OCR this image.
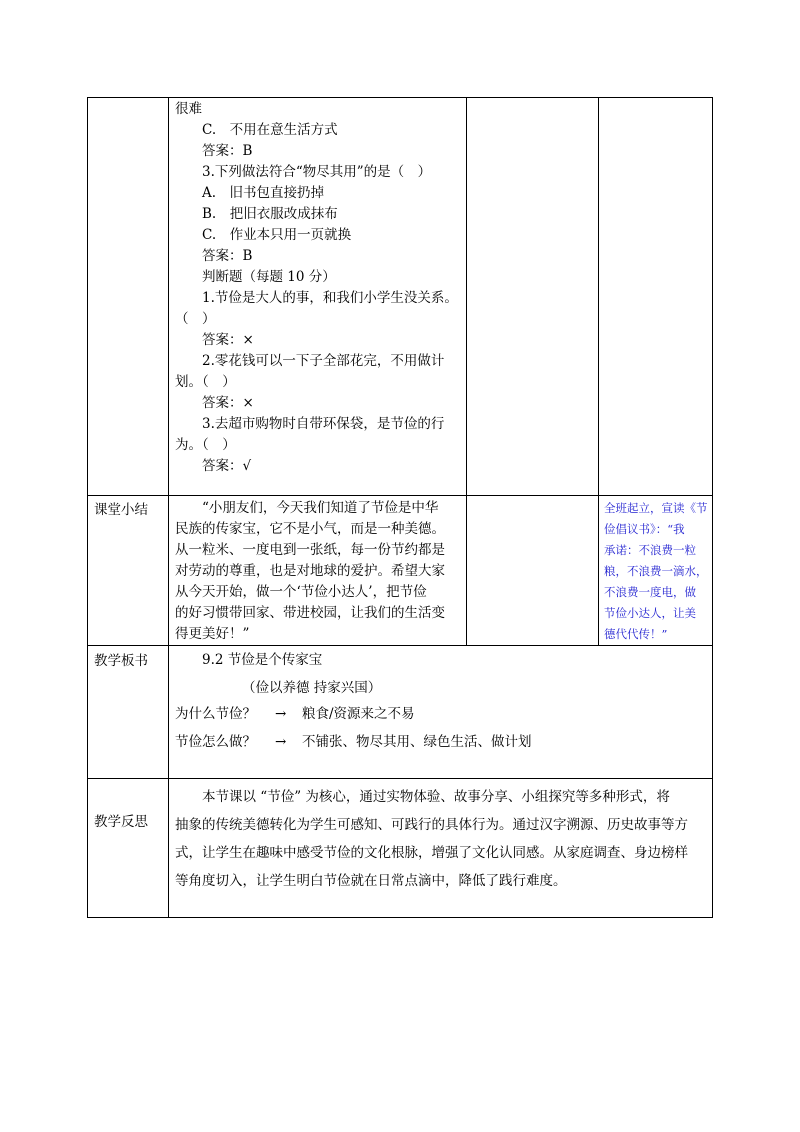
很难
C.　不用在意生活方式
答案：B
3.下列做法符合“物尽其用”的是（　）
A.　旧书包直接扔掉
B.　把旧衣服改成抹布
C.　作业本只用一页就换
答案：B
判断题（每题 10 分）
1.节俭是大人的事，和我们小学生没关系。
（　）
答案：×
2.零花钱可以一下子全部花完，不用做计
划。（　）
答案：×
3.去超市购物时自带环保袋，是节俭的行
为。（　）
答案：√
课堂小结	“小朋友们，今天我们知道了节俭是中华
民族的传家宝，它不是小气，而是一种美德。
从一粒米、一度电到一张纸，每一份节约都是
对劳动的尊重，也是对地球的爱护。希望大家
从今天开始，做一个‘节俭小达人’，把节俭
的好习惯带回家、带进校园，让我们的生活变
得更美好！”
全班起立，宣读《节
俭倡议书》：“我
承诺：不浪费一粒
粮，不浪费一滴水，
不浪费一度电，做
节俭小达人，让美
德代代传！”
教学板书	9.2 节俭是个传家宝
（俭以养德 持家兴国）
为什么节俭？ → 粮食/资源来之不易
节俭怎么做？ → 不铺张、物尽其用、绿色生活、做计划
教学反思
本节课以 “节俭” 为核心，通过实物体验、故事分享、小组探究等多种形式，将
抽象的传统美德转化为学生可感知、可践行的具体行为。通过汉字溯源、历史故事等方
式，让学生在趣味中感受节俭的文化根脉，增强了文化认同感。从家庭调查、身边榜样
等角度切入，让学生明白节俭就在日常点滴中，降低了践行难度。
